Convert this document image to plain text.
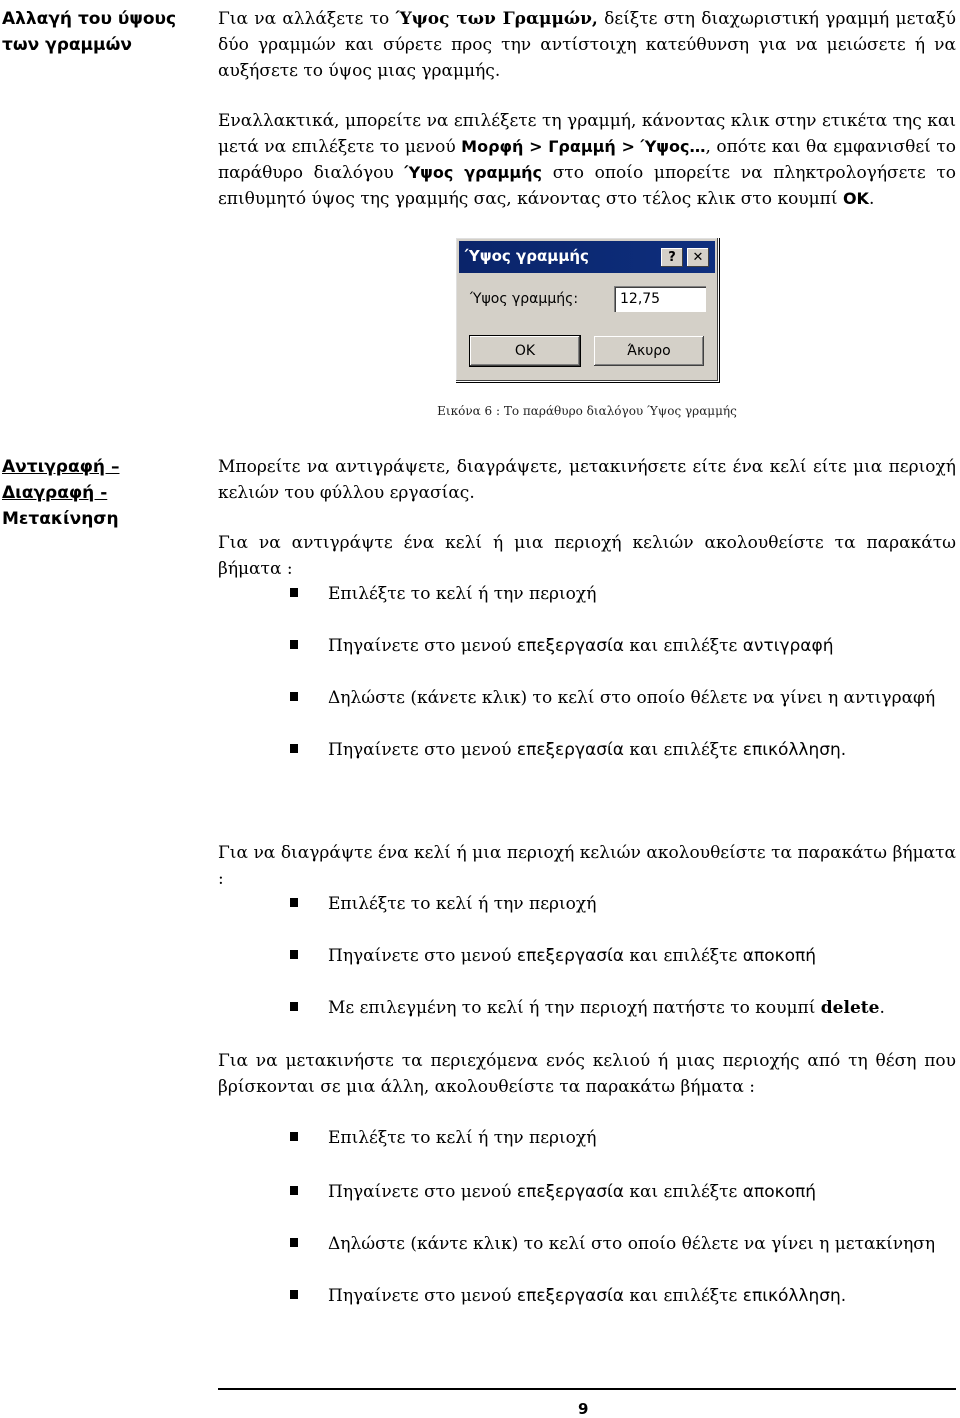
Αλλαγή του ύψους των γραμμών
Για να αλλάξετε το Ύψος των Γραμμών, δείξτε στη διαχωριστική γραμμή μεταξύ δύο γραμμών και σύρετε προς την αντίστοιχη κατεύθυνση για να μειώσετε ή να αυξήσετε το ύψος μιας γραμμής.
Εναλλακτικά, μπορείτε να επιλέξετε τη γραμμή, κάνοντας κλικ στην ετικέτα της και μετά να επιλέξετε το μενού Μορφή > Γραμμή > Ύψος…, οπότε και θα εμφανισθεί το παράθυρο διαλόγου Ύψος γραμμής στο οποίο μπορείτε να πληκτρολογήσετε το επιθυμητό ύψος της γραμμής σας, κάνοντας στο τέλος κλικ στο κουμπί OK.
Ύψος γραμμής	?	✕
Ύψος γραμμής:	12,75
OK	Άκυρο
Εικόνα 6 : Το παράθυρο διαλόγου Ύψος γραμμής
Αντιγραφή –
Διαγραφή -
Μετακίνηση
Μπορείτε να αντιγράψετε, διαγράψετε, μετακινήσετε είτε ένα κελί είτε μια περιοχή κελιών του φύλλου εργασίας.
Για να αντιγράψτε ένα κελί ή μια περιοχή κελιών ακολουθείστε τα παρακάτω βήματα :
Επιλέξτε το κελί ή την περιοχή
Πηγαίνετε στο μενού επεξεργασία και επιλέξτε αντιγραφή
Δηλώστε (κάνετε κλικ) το κελί στο οποίο θέλετε να γίνει η αντιγραφή
Πηγαίνετε στο μενού επεξεργασία και επιλέξτε επικόλληση.
Για να διαγράψτε ένα κελί ή μια περιοχή κελιών ακολουθείστε τα παρακάτω βήματα :
Επιλέξτε το κελί ή την περιοχή
Πηγαίνετε στο μενού επεξεργασία και επιλέξτε αποκοπή
Με επιλεγμένη το κελί ή την περιοχή πατήστε το κουμπί delete.
Για να μετακινήστε τα περιεχόμενα ενός κελιού ή μιας περιοχής από τη θέση που βρίσκονται σε μια άλλη, ακολουθείστε τα παρακάτω βήματα :
Επιλέξτε το κελί ή την περιοχή
Πηγαίνετε στο μενού επεξεργασία και επιλέξτε αποκοπή
Δηλώστε (κάντε κλικ) το κελί στο οποίο θέλετε να γίνει η μετακίνηση
Πηγαίνετε στο μενού επεξεργασία και επιλέξτε επικόλληση.
9
